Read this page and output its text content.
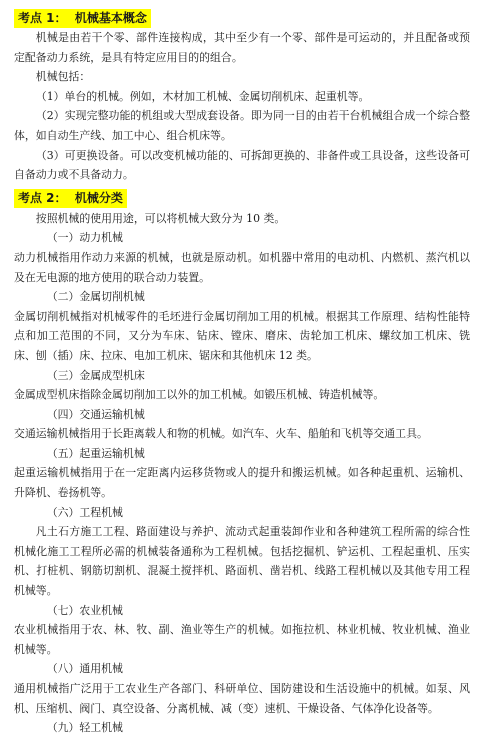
考点 1：  机械基本概念

机械是由若干个零、部件连接构成，其中至少有一个零、部件是可运动的，并且配备或预定配备动力系统，是具有特定应用目的的组合。

机械包括：

（1）单台的机械。例如，木材加工机械、金属切削机床、起重机等。

（2）实现完整功能的机组或大型成套设备。即为同一目的由若干台机械组合成一个综合整体，如自动生产线、加工中心、组合机床等。

（3）可更换设备。可以改变机械功能的、可拆卸更换的、非备件或工具设备，这些设备可自备动力或不具备动力。

考点 2：  机械分类

按照机械的使用用途，可以将机械大致分为 10 类。

（一）动力机械

动力机械指用作动力来源的机械，也就是原动机。如机器中常用的电动机、内燃机、蒸汽机以及在无电源的地方使用的联合动力装置。

（二）金属切削机械

金属切削机械指对机械零件的毛坯进行金属切削加工用的机械。根据其工作原理、结构性能特点和加工范围的不同，又分为车床、钻床、镗床、磨床、齿轮加工机床、螺纹加工机床、铣床、刨（插）床、拉床、电加工机床、锯床和其他机床 12 类。

（三）金属成型机床

金属成型机床指除金属切削加工以外的加工机械。如锻压机械、铸造机械等。

（四）交通运输机械

交通运输机械指用于长距离载人和物的机械。如汽车、火车、船舶和飞机等交通工具。

（五）起重运输机械

起重运输机械指用于在一定距离内运移货物或人的提升和搬运机械。如各种起重机、运输机、升降机、卷扬机等。

（六）工程机械

凡土石方施工工程、路面建设与养护、流动式起重装卸作业和各种建筑工程所需的综合性机械化施工工程所必需的机械装备通称为工程机械。包括挖掘机、铲运机、工程起重机、压实机、打桩机、钢筋切割机、混凝土搅拌机、路面机、凿岩机、线路工程机械以及其他专用工程机械等。

（七）农业机械

农业机械指用于农、林、牧、副、渔业等生产的机械。如拖拉机、林业机械、牧业机械、渔业机械等。

（八）通用机械

通用机械指广泛用于工农业生产各部门、科研单位、国防建设和生活设施中的机械。如泵、风机、压缩机、阀门、真空设备、分离机械、减（变）速机、干燥设备、气体净化设备等。

（九）轻工机械
